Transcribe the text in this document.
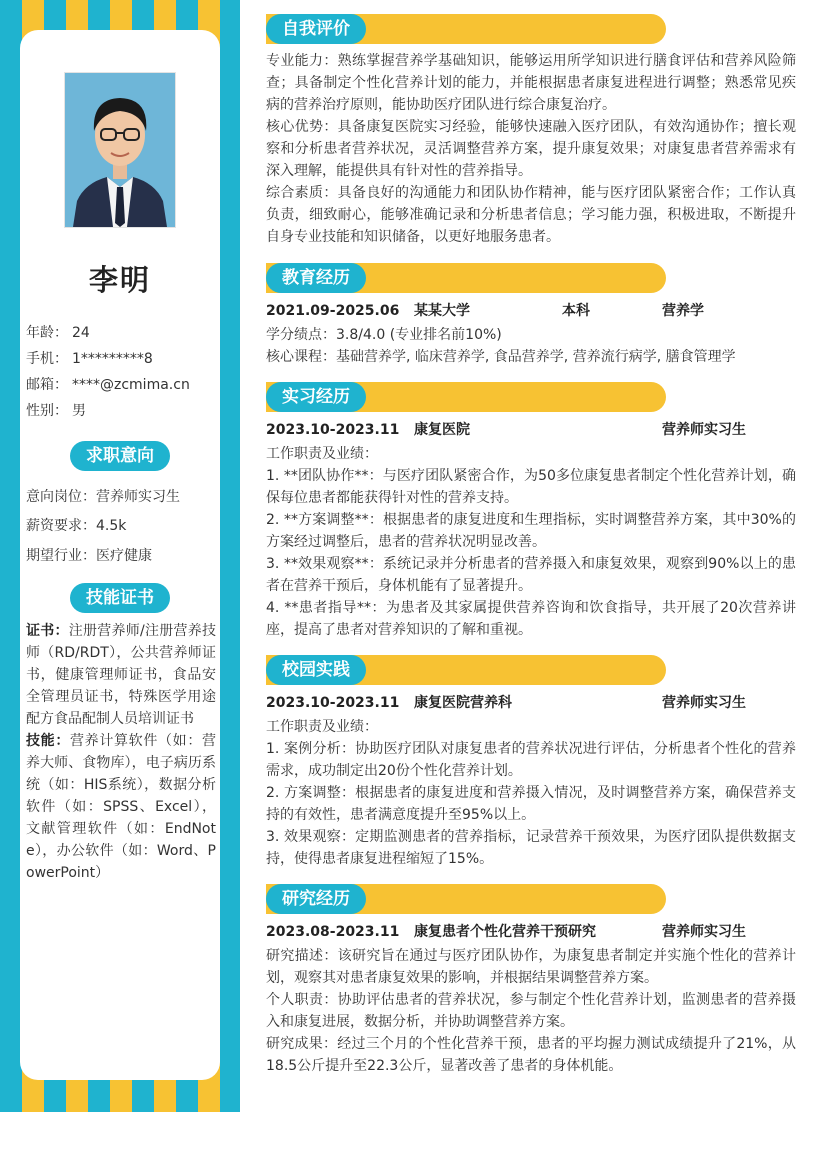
李明
年龄： 24
手机： 1*********8
邮箱： ****@zcmima.cn
性别： 男
求职意向
意向岗位：营养师实习生
薪资要求：4.5k
期望行业：医疗健康
技能证书
证书：注册营养师/注册营养技师（RD/RDT），公共营养师证书，健康管理师证书，食品安全管理员证书，特殊医学用途配方食品配制人员培训证书
技能：营养计算软件（如：营养大师、食物库），电子病历系统（如：HIS系统），数据分析软件（如：SPSS、Excel），文献管理软件（如：EndNote），办公软件（如：Word、PowerPoint）
自我评价

专业能力：熟练掌握营养学基础知识，能够运用所学知识进行膳食评估和营养风险筛查；具备制定个性化营养计划的能力，并能根据患者康复进程进行调整；熟悉常见疾病的营养治疗原则，能协助医疗团队进行综合康复治疗。

核心优势：具备康复医院实习经验，能够快速融入医疗团队，有效沟通协作；擅长观察和分析患者营养状况，灵活调整营养方案，提升康复效果；对康复患者营养需求有深入理解，能提供具有针对性的营养指导。

综合素质：具备良好的沟通能力和团队协作精神，能与医疗团队紧密合作；工作认真负责，细致耐心，能够准确记录和分析患者信息；学习能力强，积极进取，不断提升自身专业技能和知识储备，以更好地服务患者。

教育经历
2021.09-2025.06 某某大学	本科	营养学

学分绩点：3.8/4.0 (专业排名前10%)

核心课程：基础营养学, 临床营养学, 食品营养学, 营养流行病学, 膳食管理学

实习经历
2023.10-2023.11 康复医院	营养师实习生

工作职责及业绩：

1. **团队协作**：与医疗团队紧密合作，为50多位康复患者制定个性化营养计划，确保每位患者都能获得针对性的营养支持。

2. **方案调整**：根据患者的康复进度和生理指标，实时调整营养方案，其中30%的方案经过调整后，患者的营养状况明显改善。

3. **效果观察**：系统记录并分析患者的营养摄入和康复效果，观察到90%以上的患者在营养干预后，身体机能有了显著提升。

4. **患者指导**：为患者及其家属提供营养咨询和饮食指导，共开展了20次营养讲座，提高了患者对营养知识的了解和重视。

校园实践
2023.10-2023.11 康复医院营养科	营养师实习生

工作职责及业绩：

1. 案例分析：协助医疗团队对康复患者的营养状况进行评估，分析患者个性化的营养需求，成功制定出20份个性化营养计划。

2. 方案调整：根据患者的康复进度和营养摄入情况，及时调整营养方案，确保营养支持的有效性，患者满意度提升至95%以上。

3. 效果观察：定期监测患者的营养指标，记录营养干预效果，为医疗团队提供数据支持，使得患者康复进程缩短了15%。

研究经历
2023.08-2023.11 康复患者个性化营养干预研究	营养师实习生

研究描述：该研究旨在通过与医疗团队协作，为康复患者制定并实施个性化的营养计划，观察其对患者康复效果的影响，并根据结果调整营养方案。

个人职责：协助评估患者的营养状况，参与制定个性化营养计划，监测患者的营养摄入和康复进展，数据分析，并协助调整营养方案。

研究成果：经过三个月的个性化营养干预，患者的平均握力测试成绩提升了21%，从18.5公斤提升至22.3公斤，显著改善了患者的身体机能。
